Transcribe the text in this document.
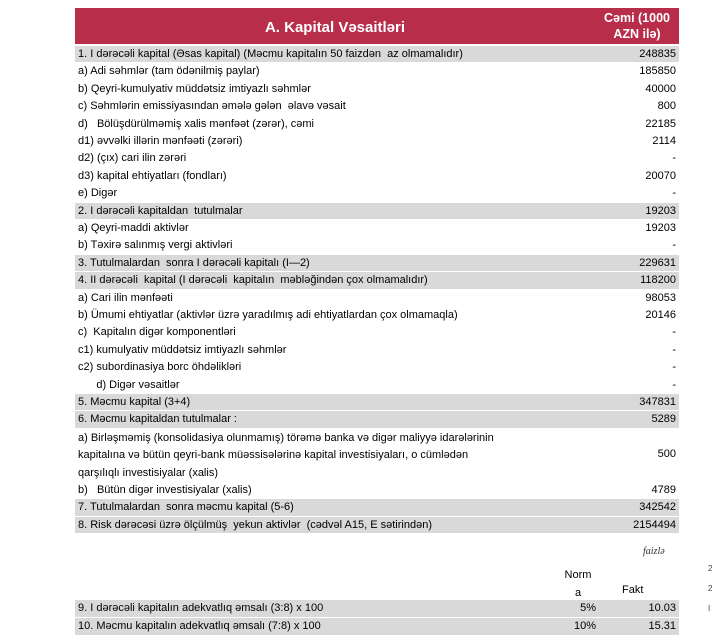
A. Kapital Vəsaitləri
Cəmi (1000
AZN ilə)
1. I dərəcəli kapital (Əsas kapital) (Məcmu kapitalın 50 faizdən  az olmamalıdır)	248835
a) Adi səhmlər (tam ödənilmiş paylar)	185850
b) Qeyri-kumulyativ müddətsiz imtiyazlı səhmlər	40000
c) Səhmlərin emissiyasından əmələ gələn  əlavə vəsait	800
d)   Bölüşdürülməmiş xalis mənfəət (zərər), cəmi	22185
d1) əvvəlki illərin mənfəəti (zərəri)	2114
d2) (çıx) cari ilin zərəri	-
d3) kapital ehtiyatları (fondları)	20070
e) Digər	-
2. I dərəcəli kapitaldan  tutulmalar	19203
a) Qeyri-maddi aktivlər	19203
b) Təxirə salınmış vergi aktivləri	-
3. Tutulmalardan  sonra I dərəcəli kapitalı (I—2)	229631
4. II dərəcəli  kapital (I dərəcəli  kapitalın  məbləğindən çox olmamalıdır)	118200
a) Cari ilin mənfəəti	98053
b) Ümumi ehtiyatlar (aktivlər üzrə yaradılmış adi ehtiyatlardan çox olmamaqla)	20146
c)  Kapitalın digər komponentləri	-
c1) kumulyativ müddətsiz imtiyazlı səhmlər	-
c2) subordinasiya borc öhdəlikləri	-
d) Digər vəsaitlər	-
5. Məcmu kapital (3+4)	347831
6. Məcmu kapitaldan tutulmalar :	5289
a) Birləşməmiş (konsolidasiya olunmamış) törəmə banka və digər maliyyə idarələrinin
kapitalına və bütün qeyri-bank müəssisələrinə kapital investisiyaları, o cümlədən
qarşılıqlı investisiyalar (xalis)
500
b)   Bütün digər investisiyalar (xalis)	4789
7. Tutulmalardan  sonra məcmu kapital (5-6)	342542
8. Risk dərəcəsi üzrə ölçülmüş  yekun aktivlər  (cədvəl A15, E sətirindən)	2154494
faizlə
Norm
a	Fakt
9. I dərəcəli kapitalın adekvatlıq əmsalı (3:8) x 100	5%	10.03
10. Məcmu kapitalın adekvatlıq əmsalı (7:8) x 100	10%	15.31
2
2
I
